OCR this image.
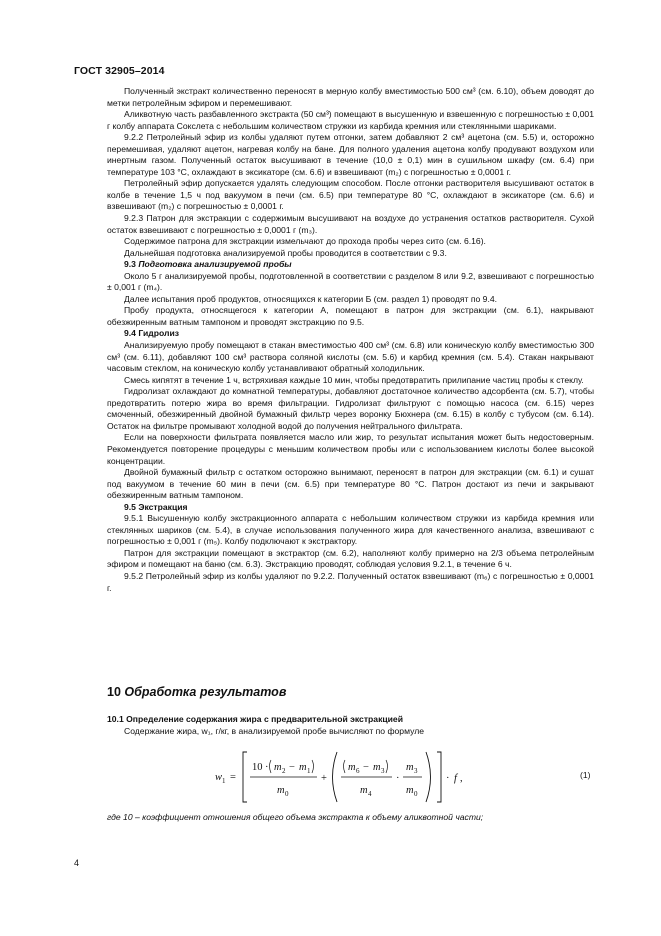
ГОСТ 32905–2014

Полученный экстракт количественно переносят в мерную колбу вместимостью 500 см³ (см. 6.10), объем доводят до метки петролейным эфиром и перемешивают.

Аликвотную часть разбавленного экстракта (50 см³) помещают в высушенную и взвешенную с погрешностью ± 0,001 г колбу аппарата Сокслета с небольшим количеством стружки из карбида кремния или стеклянными шариками.

9.2.2 Петролейный эфир из колбы удаляют путем отгонки, затем добавляют 2 см³ ацетона (см. 5.5) и, осторожно перемешивая, удаляют ацетон, нагревая колбу на бане. Для полного удаления ацетона колбу продувают воздухом или инертным газом. Полученный остаток высушивают в течение (10,0 ± 0,1) мин в сушильном шкафу (см. 6.4) при температуре 103 °С, охлаждают в эксикаторе (см. 6.6) и взвешивают (m₂) с погрешностью ± 0,0001 г.

Петролейный эфир допускается удалять следующим способом. После отгонки растворителя высушивают остаток в колбе в течение 1,5 ч под вакуумом в печи (см. 6.5) при температуре 80 °С, охлаждают в эксикаторе (см. 6.6) и взвешивают (m₂) с погрешностью ± 0,0001 г.

9.2.3 Патрон для экстракции с содержимым высушивают на воздухе до устранения остатков растворителя. Сухой остаток взвешивают с погрешностью ± 0,0001 г (m₃).

Содержимое патрона для экстракции измельчают до прохода пробы через сито (см. 6.16).

Дальнейшая подготовка анализируемой пробы проводится в соответствии с 9.3.

9.3 Подготовка анализируемой пробы

Около 5 г анализируемой пробы, подготовленной в соответствии с разделом 8 или 9.2, взвешивают с погрешностью ± 0,001 г (m₄).

Далее испытания проб продуктов, относящихся к категории Б (см. раздел 1) проводят по 9.4.

Пробу продукта, относящегося к категории А, помещают в патрон для экстракции (см. 6.1), накрывают обезжиренным ватным тампоном и проводят экстракцию по 9.5.

9.4 Гидролиз

Анализируемую пробу помещают в стакан вместимостью 400 см³ (см. 6.8) или коническую колбу вместимостью 300 см³ (см. 6.11), добавляют 100 см³ раствора соляной кислоты (см. 5.6) и карбид кремния (см. 5.4). Стакан накрывают часовым стеклом, на коническую колбу устанавливают обратный холодильник.

Смесь кипятят в течение 1 ч, встряхивая каждые 10 мин, чтобы предотвратить прилипание частиц пробы к стеклу.

Гидролизат охлаждают до комнатной температуры, добавляют достаточное количество адсорбента (см. 5.7), чтобы предотвратить потерю жира во время фильтрации. Гидролизат фильтруют с помощью насоса (см. 6.15) через смоченный, обезжиренный двойной бумажный фильтр через воронку Бюхнера (см. 6.15) в колбу с тубусом (см. 6.14). Остаток на фильтре промывают холодной водой до получения нейтрального фильтрата.

Если на поверхности фильтрата появляется масло или жир, то результат испытания может быть недостоверным. Рекомендуется повторение процедуры с меньшим количеством пробы или с использованием кислоты более высокой концентрации.

Двойной бумажный фильтр с остатком осторожно вынимают, переносят в патрон для экстракции (см. 6.1) и сушат под вакуумом в течение 60 мин в печи (см. 6.5) при температуре 80 °С. Патрон достают из печи и закрывают обезжиренным ватным тампоном.

9.5 Экстракция

9.5.1 Высушенную колбу экстракционного аппарата с небольшим количеством стружки из карбида кремния или стеклянных шариков (см. 5.4), в случае использования полученного жира для качественного анализа, взвешивают с погрешностью ± 0,001 г (m₅). Колбу подключают к экстрактору.

Патрон для экстракции помещают в экстрактор (см. 6.2), наполняют колбу примерно на 2/3 объема петролейным эфиром и помещают на баню (см. 6.3). Экстракцию проводят, соблюдая условия 9.2.1, в течение 6 ч.

9.5.2 Петролейный эфир из колбы удаляют по 9.2.2. Полученный остаток взвешивают (m₆) с погрешностью ± 0,0001 г.

10 Обработка результатов
10.1 Определение содержания жира с предварительной экстракцией
Содержание жира, w₁, г/кг, в анализируемой пробе вычисляют по формуле
w 1 =
10 · m 2 − m 1
m 0
+
m 6 − m 3
m 4
·
m 3
m 0
· f ,	(1)
где 10 – коэффициент отношения общего объема экстракта к объему аликвотной части;
4
